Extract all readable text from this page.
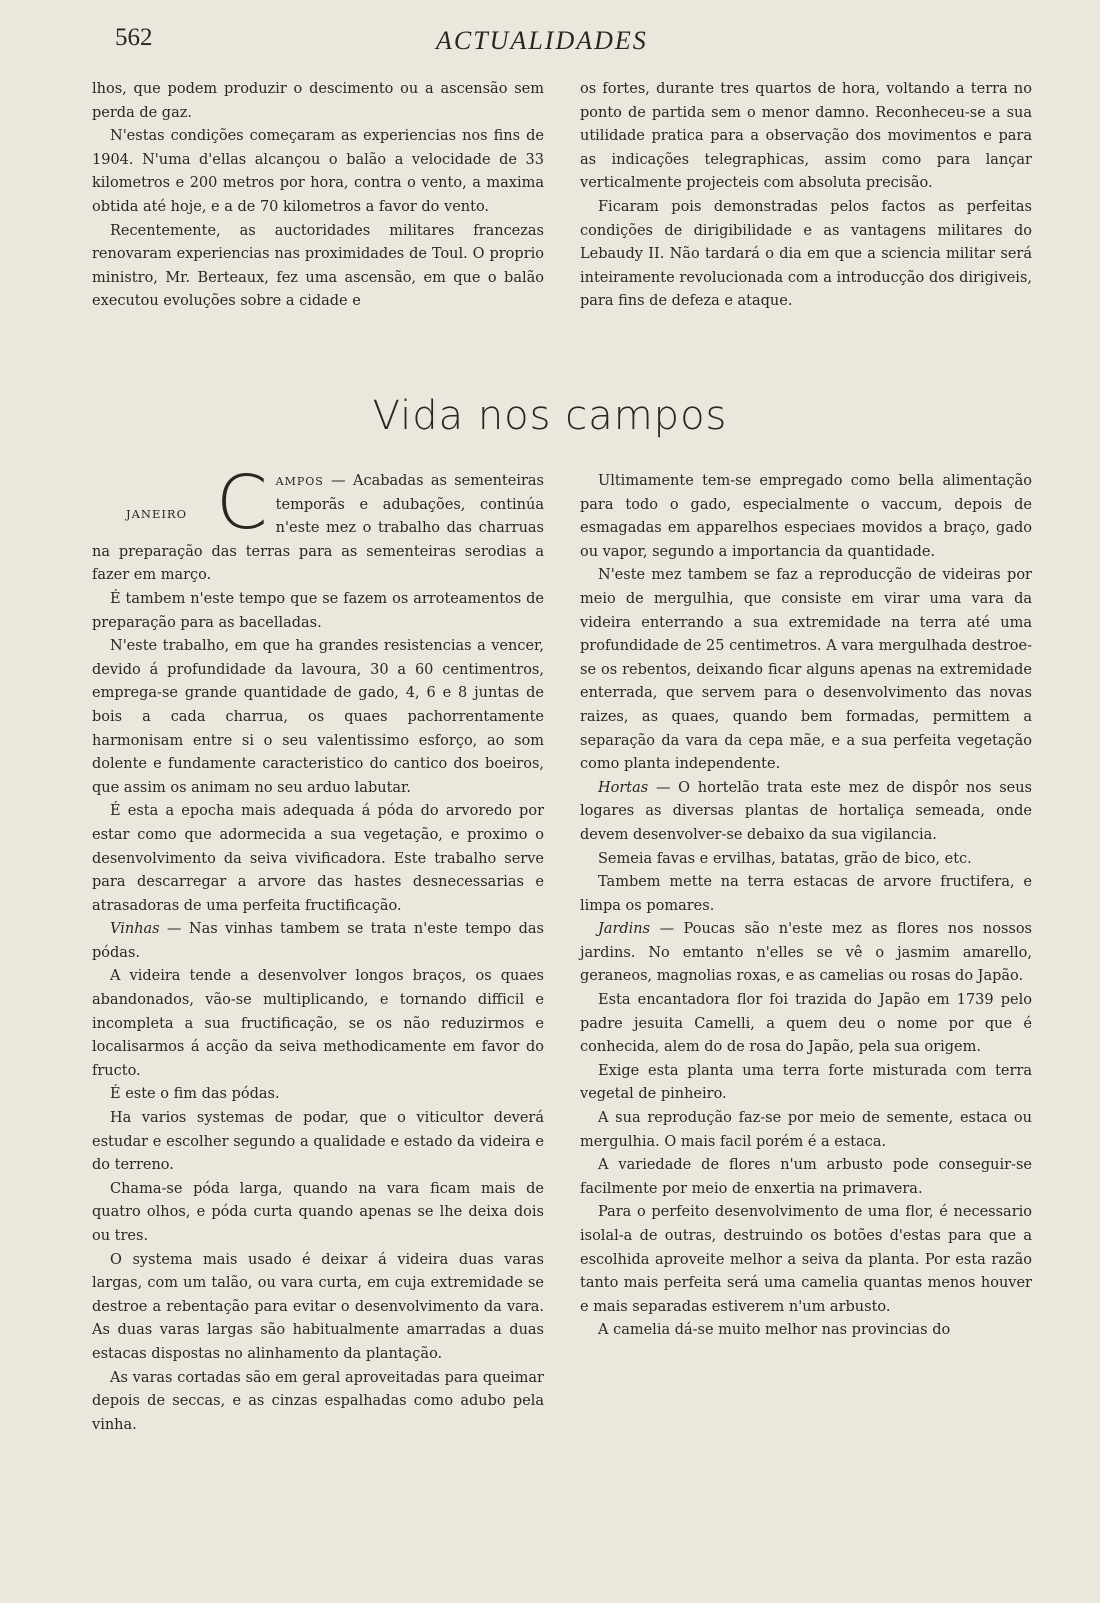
562	ACTUALIDADES

lhos, que podem produzir o descimento ou a ascensão sem perda de gaz.

N'estas condições começaram as experiencias nos fins de 1904. N'uma d'ellas alcançou o balão a velocidade de 33 kilometros e 200 metros por hora, contra o vento, a maxima obtida até hoje, e a de 70 kilometros a favor do vento.

Recentemente, as auctoridades militares francezas renovaram experiencias nas proximidades de Toul. O proprio ministro, Mr. Berteaux, fez uma ascensão, em que o balão executou evoluções sobre a cidade e

os fortes, durante tres quartos de hora, voltando a terra no ponto de partida sem o menor damno. Reconheceu-se a sua utilidade pratica para a observação dos movimentos e para as indicações telegraphicas, assim como para lançar verticalmente projecteis com absoluta precisão.

Ficaram pois demonstradas pelos factos as perfeitas condições de dirigibilidade e as vantagens militares do Lebaudy II. Não tardará o dia em que a sciencia militar será inteiramente revolucionada com a introducção dos dirigiveis, para fins de defeza e ataque.

Vida nos campos
JANEIRO C AMPOS — Acabadas as sementeiras temporãs e adubações, continúa n'este mez o trabalho das charruas na preparação das terras para as sementeiras serodias a fazer em março.

É tambem n'este tempo que se fazem os arroteamentos de preparação para as bacelladas.

N'este trabalho, em que ha grandes resistencias a vencer, devido á profundidade da lavoura, 30 a 60 centimentros, emprega-se grande quantidade de gado, 4, 6 e 8 juntas de bois a cada charrua, os quaes pachorrentamente harmonisam entre si o seu valentissimo esforço, ao som dolente e fundamente caracteristico do cantico dos boeiros, que assim os animam no seu arduo labutar.

É esta a epocha mais adequada á póda do arvoredo por estar como que adormecida a sua vegetação, e proximo o desenvolvimento da seiva vivificadora. Este trabalho serve para descarregar a arvore das hastes desnecessarias e atrasadoras de uma perfeita fructificação.

Vinhas — Nas vinhas tambem se trata n'este tempo das pódas.

A videira tende a desenvolver longos braços, os quaes abandonados, vão-se multiplicando, e tornando difficil e incompleta a sua fructificação, se os não reduzirmos e localisarmos á acção da seiva methodicamente em favor do fructo.

É este o fim das pódas.

Ha varios systemas de podar, que o viticultor deverá estudar e escolher segundo a qualidade e estado da videira e do terreno.

Chama-se póda larga, quando na vara ficam mais de quatro olhos, e póda curta quando apenas se lhe deixa dois ou tres.

O systema mais usado é deixar á videira duas varas largas, com um talão, ou vara curta, em cuja extremidade se destroe a rebentação para evitar o desenvolvimento da vara. As duas varas largas são habitualmente amarradas a duas estacas dispostas no alinhamento da plantação.

As varas cortadas são em geral aproveitadas para queimar depois de seccas, e as cinzas espalhadas como adubo pela vinha.

Ultimamente tem-se empregado como bella alimentação para todo o gado, especialmente o vaccum, depois de esmagadas em apparelhos especiaes movidos a braço, gado ou vapor, segundo a importancia da quantidade.

N'este mez tambem se faz a reproducção de videiras por meio de mergulhia, que consiste em virar uma vara da videira enterrando a sua extremidade na terra até uma profundidade de 25 centimetros. A vara mergulhada destroe-se os rebentos, deixando ficar alguns apenas na extremidade enterrada, que servem para o desenvolvimento das novas raizes, as quaes, quando bem formadas, permittem a separação da vara da cepa mãe, e a sua perfeita vegetação como planta independente.

Hortas — O hortelão trata este mez de dispôr nos seus logares as diversas plantas de hortaliça semeada, onde devem desenvolver-se debaixo da sua vigilancia.

Semeia favas e ervilhas, batatas, grão de bico, etc.

Tambem mette na terra estacas de arvore fructifera, e limpa os pomares.

Jardins — Poucas são n'este mez as flores nos nossos jardins. No emtanto n'elles se vê o jasmim amarello, geraneos, magnolias roxas, e as camelias ou rosas do Japão.

Esta encantadora flor foi trazida do Japão em 1739 pelo padre jesuita Camelli, a quem deu o nome por que é conhecida, alem do de rosa do Japão, pela sua origem.

Exige esta planta uma terra forte misturada com terra vegetal de pinheiro.

A sua reprodução faz-se por meio de semente, estaca ou mergulhia. O mais facil porém é a estaca.

A variedade de flores n'um arbusto pode conseguir-se facilmente por meio de enxertia na primavera.

Para o perfeito desenvolvimento de uma flor, é necessario isolal-a de outras, destruindo os botões d'estas para que a escolhida aproveite melhor a seiva da planta. Por esta razão tanto mais perfeita será uma camelia quantas menos houver e mais separadas estiverem n'um arbusto.

A camelia dá-se muito melhor nas provincias do
